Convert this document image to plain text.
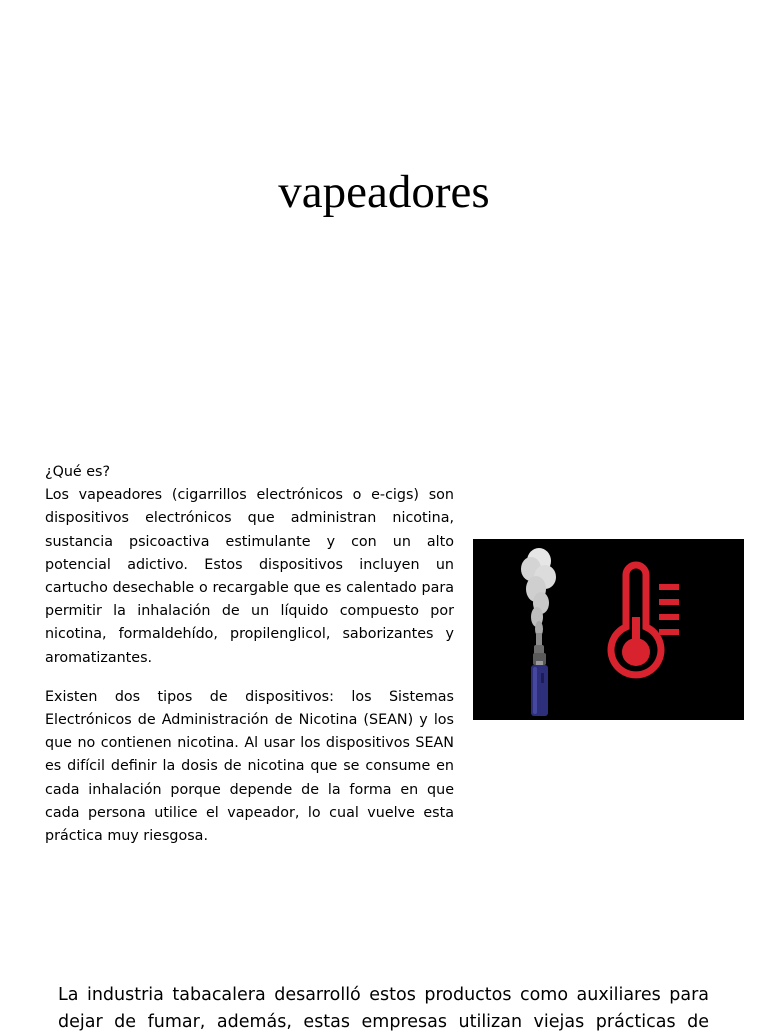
vapeadores
¿Qué es?

Los vapeadores (cigarrillos electrónicos o e-cigs) son dispositivos electrónicos que administran nicotina, sustancia psicoactiva estimulante y con un alto potencial adictivo. Estos dispositivos incluyen un cartucho desechable o recargable que es calentado para permitir la inhalación de un líquido compuesto por nicotina, formaldehído, propilenglicol, saborizantes y aromatizantes.

Existen dos tipos de dispositivos: los Sistemas Electrónicos de Administración de Nicotina (SEAN) y los que no contienen nicotina. Al usar los dispositivos SEAN es difícil definir la dosis de nicotina que se consume en cada inhalación porque depende de la forma en que cada persona utilice el vapeador, lo cual vuelve esta práctica muy riesgosa.

La industria tabacalera desarrolló estos productos como auxiliares para dejar de fumar, además, estas empresas utilizan viejas prácticas de
